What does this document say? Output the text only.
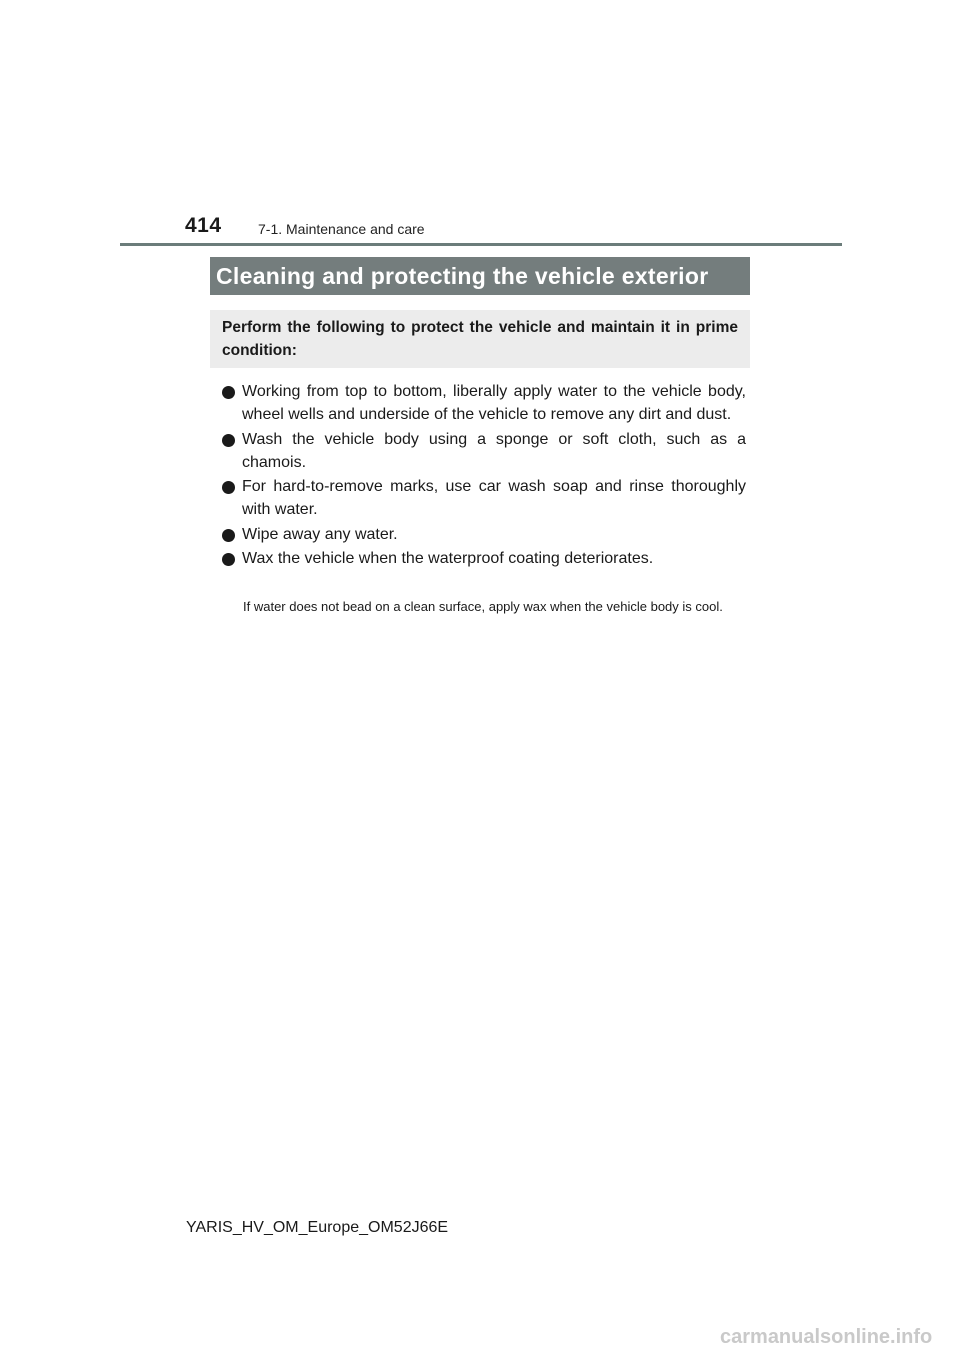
414	7-1. Maintenance and care
Cleaning and protecting the vehicle exterior
Perform the following to protect the vehicle and maintain it in prime condition:
Working from top to bottom, liberally apply water to the vehicle body, wheel wells and underside of the vehicle to remove any dirt and dust.
Wash the vehicle body using a sponge or soft cloth, such as a chamois.
For hard-to-remove marks, use car wash soap and rinse thoroughly with water.
Wipe away any water.
Wax the vehicle when the waterproof coating deteriorates.
If water does not bead on a clean surface, apply wax when the vehicle body is cool.
YARIS_HV_OM_Europe_OM52J66E
carmanualsonline.info
